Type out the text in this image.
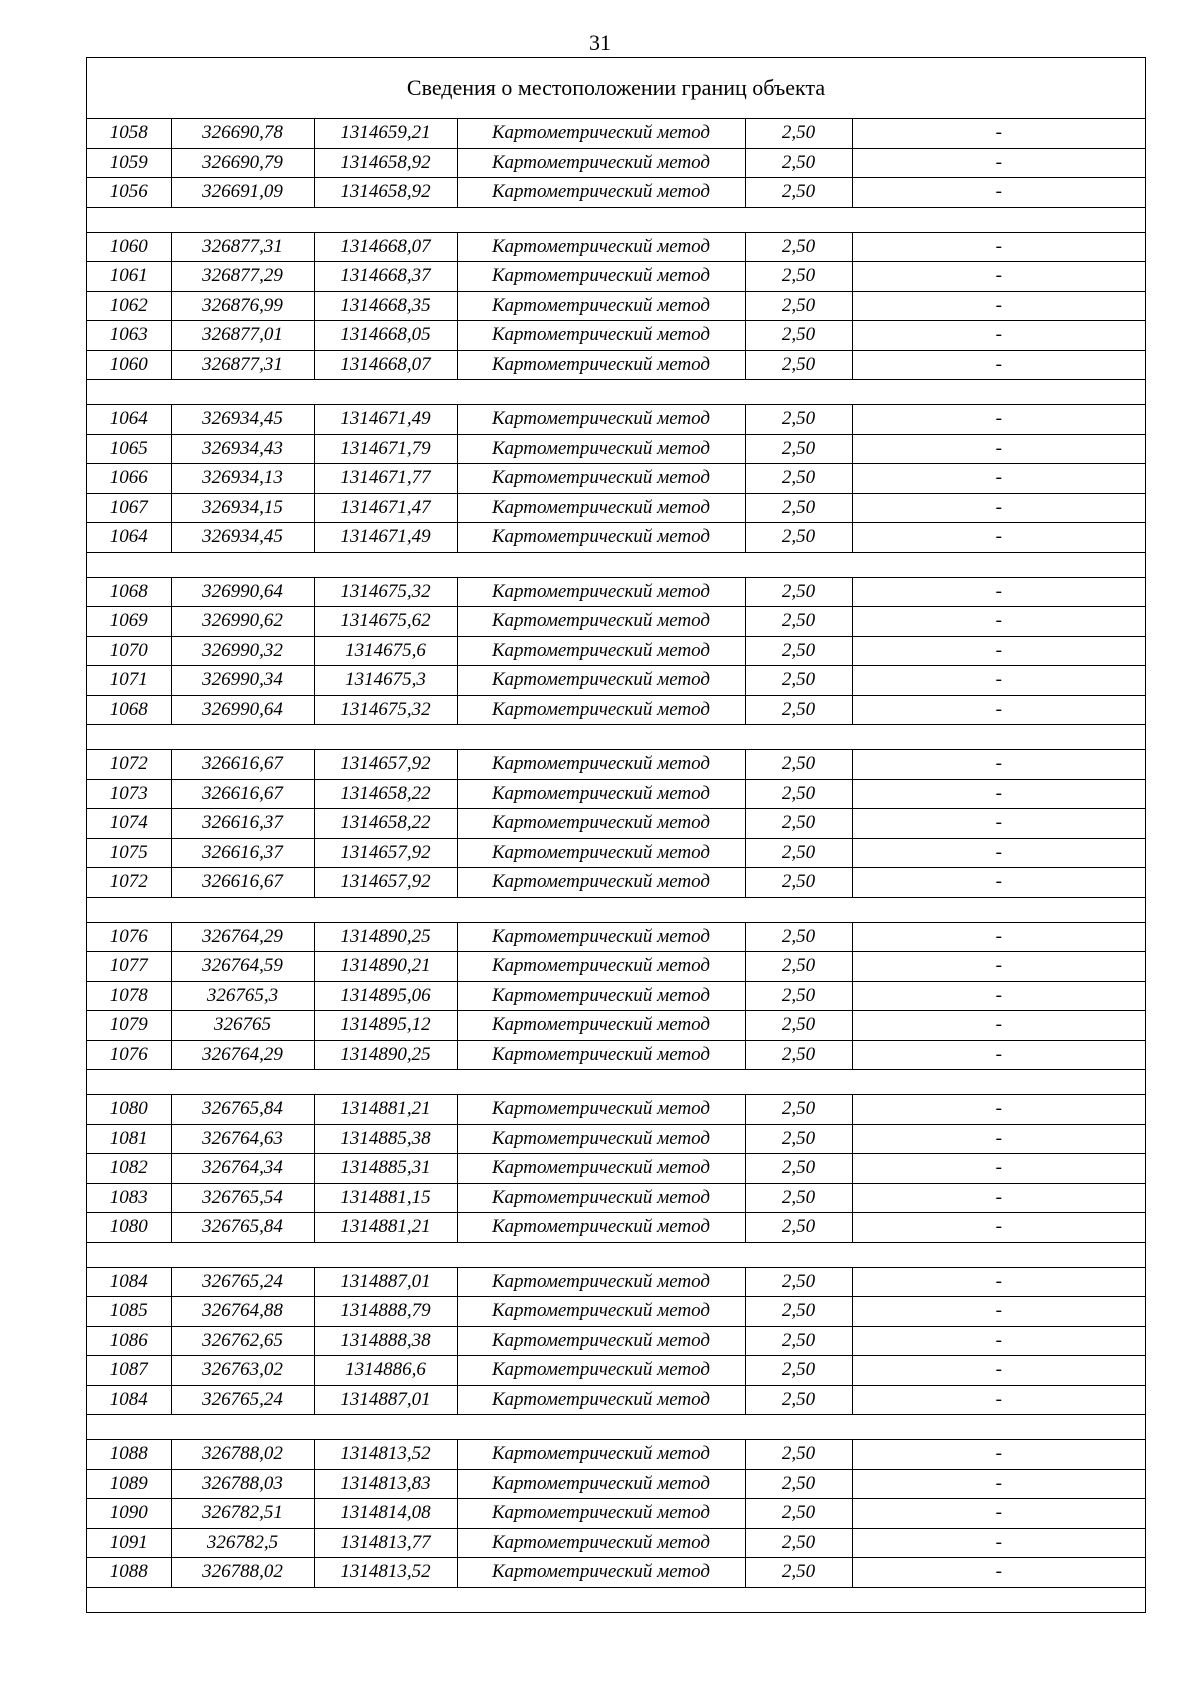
31
Сведения о местоположении границ объекта
1058	326690,78	1314659,21	Картометрический метод	2,50	-
1059	326690,79	1314658,92	Картометрический метод	2,50	-
1056	326691,09	1314658,92	Картометрический метод	2,50	-

1060	326877,31	1314668,07	Картометрический метод	2,50	-
1061	326877,29	1314668,37	Картометрический метод	2,50	-
1062	326876,99	1314668,35	Картометрический метод	2,50	-
1063	326877,01	1314668,05	Картометрический метод	2,50	-
1060	326877,31	1314668,07	Картометрический метод	2,50	-

1064	326934,45	1314671,49	Картометрический метод	2,50	-
1065	326934,43	1314671,79	Картометрический метод	2,50	-
1066	326934,13	1314671,77	Картометрический метод	2,50	-
1067	326934,15	1314671,47	Картометрический метод	2,50	-
1064	326934,45	1314671,49	Картометрический метод	2,50	-

1068	326990,64	1314675,32	Картометрический метод	2,50	-
1069	326990,62	1314675,62	Картометрический метод	2,50	-
1070	326990,32	1314675,6	Картометрический метод	2,50	-
1071	326990,34	1314675,3	Картометрический метод	2,50	-
1068	326990,64	1314675,32	Картометрический метод	2,50	-

1072	326616,67	1314657,92	Картометрический метод	2,50	-
1073	326616,67	1314658,22	Картометрический метод	2,50	-
1074	326616,37	1314658,22	Картометрический метод	2,50	-
1075	326616,37	1314657,92	Картометрический метод	2,50	-
1072	326616,67	1314657,92	Картометрический метод	2,50	-

1076	326764,29	1314890,25	Картометрический метод	2,50	-
1077	326764,59	1314890,21	Картометрический метод	2,50	-
1078	326765,3	1314895,06	Картометрический метод	2,50	-
1079	326765	1314895,12	Картометрический метод	2,50	-
1076	326764,29	1314890,25	Картометрический метод	2,50	-

1080	326765,84	1314881,21	Картометрический метод	2,50	-
1081	326764,63	1314885,38	Картометрический метод	2,50	-
1082	326764,34	1314885,31	Картометрический метод	2,50	-
1083	326765,54	1314881,15	Картометрический метод	2,50	-
1080	326765,84	1314881,21	Картометрический метод	2,50	-

1084	326765,24	1314887,01	Картометрический метод	2,50	-
1085	326764,88	1314888,79	Картометрический метод	2,50	-
1086	326762,65	1314888,38	Картометрический метод	2,50	-
1087	326763,02	1314886,6	Картометрический метод	2,50	-
1084	326765,24	1314887,01	Картометрический метод	2,50	-

1088	326788,02	1314813,52	Картометрический метод	2,50	-
1089	326788,03	1314813,83	Картометрический метод	2,50	-
1090	326782,51	1314814,08	Картометрический метод	2,50	-
1091	326782,5	1314813,77	Картометрический метод	2,50	-
1088	326788,02	1314813,52	Картометрический метод	2,50	-
